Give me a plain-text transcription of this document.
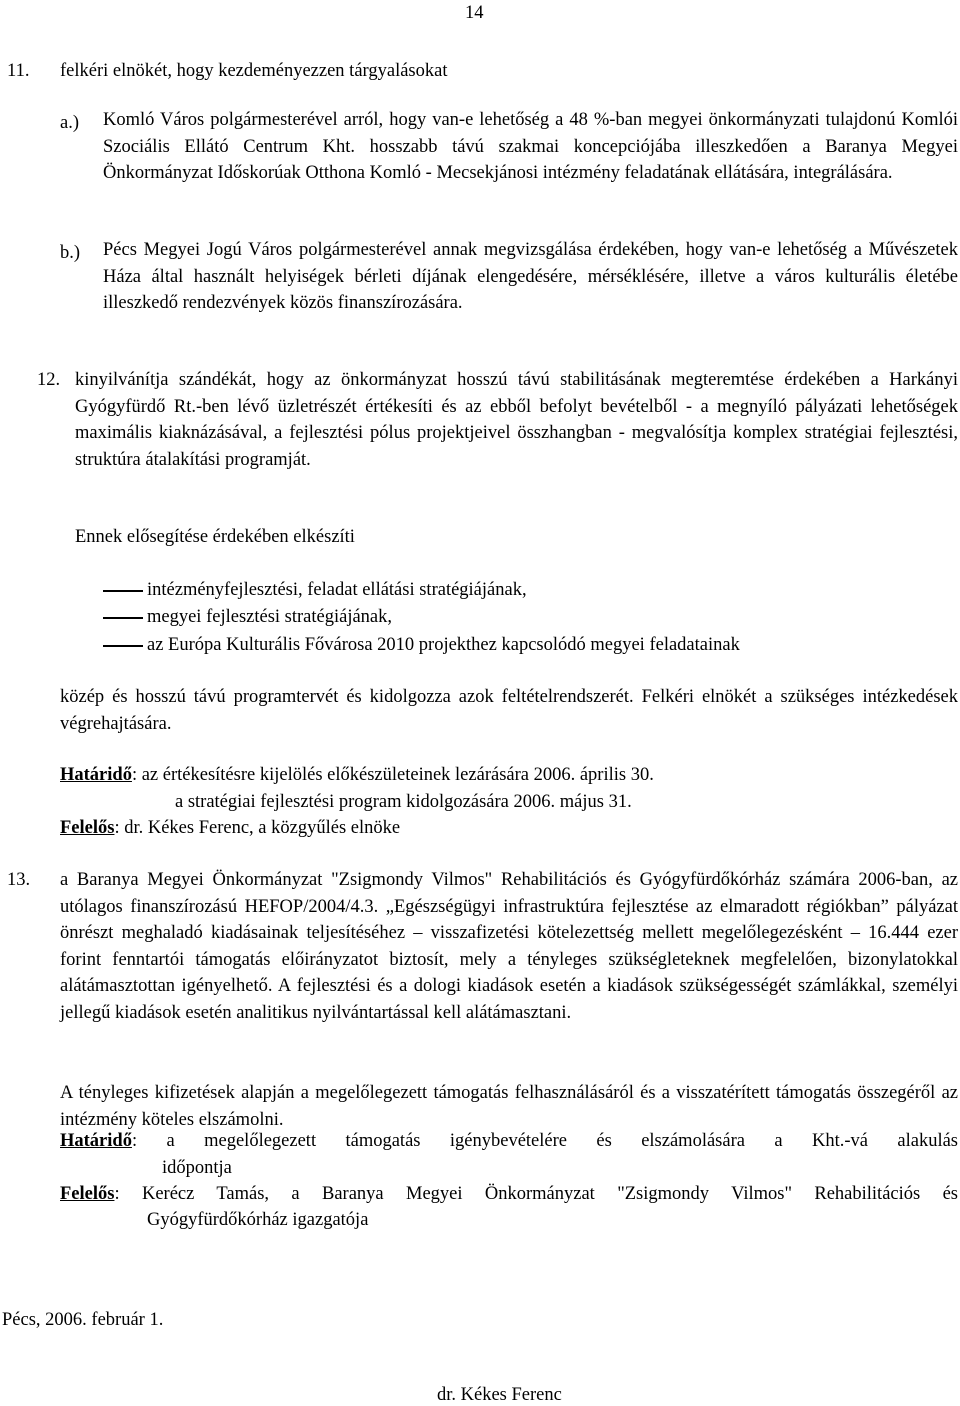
14
11. felkéri elnökét, hogy kezdeményezzen tárgyalásokat
a.) Komló Város polgármesterével arról, hogy van-e lehetőség a 48 %-ban megyei önkormányzati tulajdonú Komlói Szociális Ellátó Centrum Kht. hosszabb távú szakmai koncepciójába illeszkedően a Baranya Megyei Önkormányzat Időskorúak Otthona Komló - Mecsekjánosi intézmény feladatának ellátására, integrálására.
b.) Pécs Megyei Jogú Város polgármesterével annak megvizsgálása érdekében, hogy van-e lehetőség a Művészetek Háza által használt helyiségek bérleti díjának elengedésére, mérséklésére, illetve a város kulturális életébe illeszkedő rendezvények közös finanszírozására.
12. kinyilvánítja szándékát, hogy az önkormányzat hosszú távú stabilitásának megteremtése érdekében a Harkányi Gyógyfürdő Rt.-ben lévő üzletrészét értékesíti és az ebből befolyt bevételből - a megnyíló pályázati lehetőségek maximális kiaknázásával, a fejlesztési pólus projektjeivel összhangban - megvalósítja komplex stratégiai fejlesztési, struktúra átalakítási programját.
Ennek elősegítése érdekében elkészíti
intézményfejlesztési, feladat ellátási stratégiájának,
megyei fejlesztési stratégiájának,
az Európa Kulturális Fővárosa 2010 projekthez kapcsolódó megyei feladatainak
közép és hosszú távú programtervét és kidolgozza azok feltételrendszerét. Felkéri elnökét a szükséges intézkedések végrehajtására.
Határidő: az értékesítésre kijelölés előkészületeinek lezárására 2006. április 30.
a stratégiai fejlesztési program kidolgozására 2006. május 31.
Felelős: dr. Kékes Ferenc, a közgyűlés elnöke
13. a Baranya Megyei Önkormányzat "Zsigmondy Vilmos" Rehabilitációs és Gyógyfürdőkórház számára 2006-ban, az utólagos finanszírozású HEFOP/2004/4.3. „Egészségügyi infrastruktúra fejlesztése az elmaradott régiókban” pályázat önrészt meghaladó kiadásainak teljesítéséhez – visszafizetési kötelezettség mellett megelőlegezésként – 16.444 ezer forint fenntartói támogatás előirányzatot biztosít, mely a tényleges szükségleteknek megfelelően, bizonylatokkal alátámasztottan igényelhető. A fejlesztési és a dologi kiadások esetén a kiadások szükségességét számlákkal, személyi jellegű kiadások esetén analitikus nyilvántartással kell alátámasztani.
A tényleges kifizetések alapján a megelőlegezett támogatás felhasználásáról és a visszatérített támogatás összegéről az intézmény köteles elszámolni.
Határidő: a megelőlegezett támogatás igénybevételére és elszámolására a Kht.-vá alakulás
időpontja
Felelős: Kerécz Tamás, a Baranya Megyei Önkormányzat "Zsigmondy Vilmos" Rehabilitációs és
Gyógyfürdőkórház igazgatója
Pécs, 2006. február 1.
dr. Kékes Ferenc
